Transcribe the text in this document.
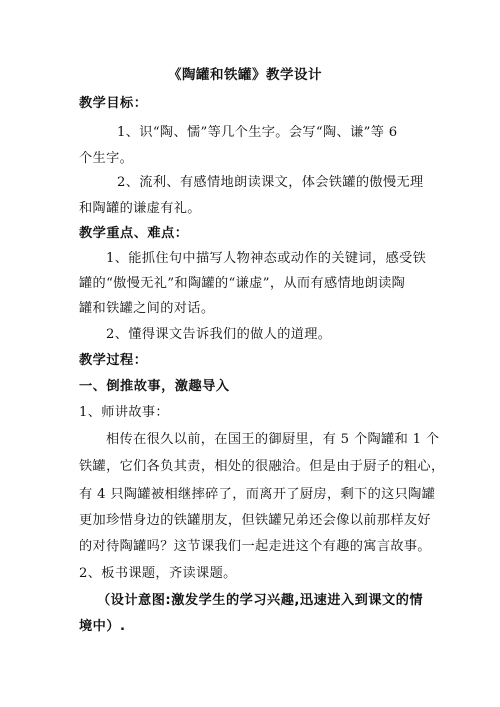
《陶罐和铁罐》教学设计
教学目标：
1、识“陶、懦”等几个生字。会写“陶、谦”等 6
个生字。
2、流利、有感情地朗读课文，体会铁罐的傲慢无理
和陶罐的谦虚有礼。
教学重点、难点：
1、能抓住句中描写人物神态或动作的关键词，感受铁
罐的“傲慢无礼”和陶罐的“谦虚”，从而有感情地朗读陶
罐和铁罐之间的对话。
2、懂得课文告诉我们的做人的道理。
教学过程：
一、倒推故事，激趣导入
1、师讲故事：
相传在很久以前，在国王的御厨里，有 5 个陶罐和 1 个
铁罐，它们各负其责，相处的很融洽。但是由于厨子的粗心，
有 4 只陶罐被相继摔碎了，而离开了厨房，剩下的这只陶罐
更加珍惜身边的铁罐朋友，但铁罐兄弟还会像以前那样友好
的对待陶罐吗？这节课我们一起走进这个有趣的寓言故事。
2、板书课题，齐读课题。
（设计意图:激发学生的学习兴趣,迅速进入到课文的情
境中）.
